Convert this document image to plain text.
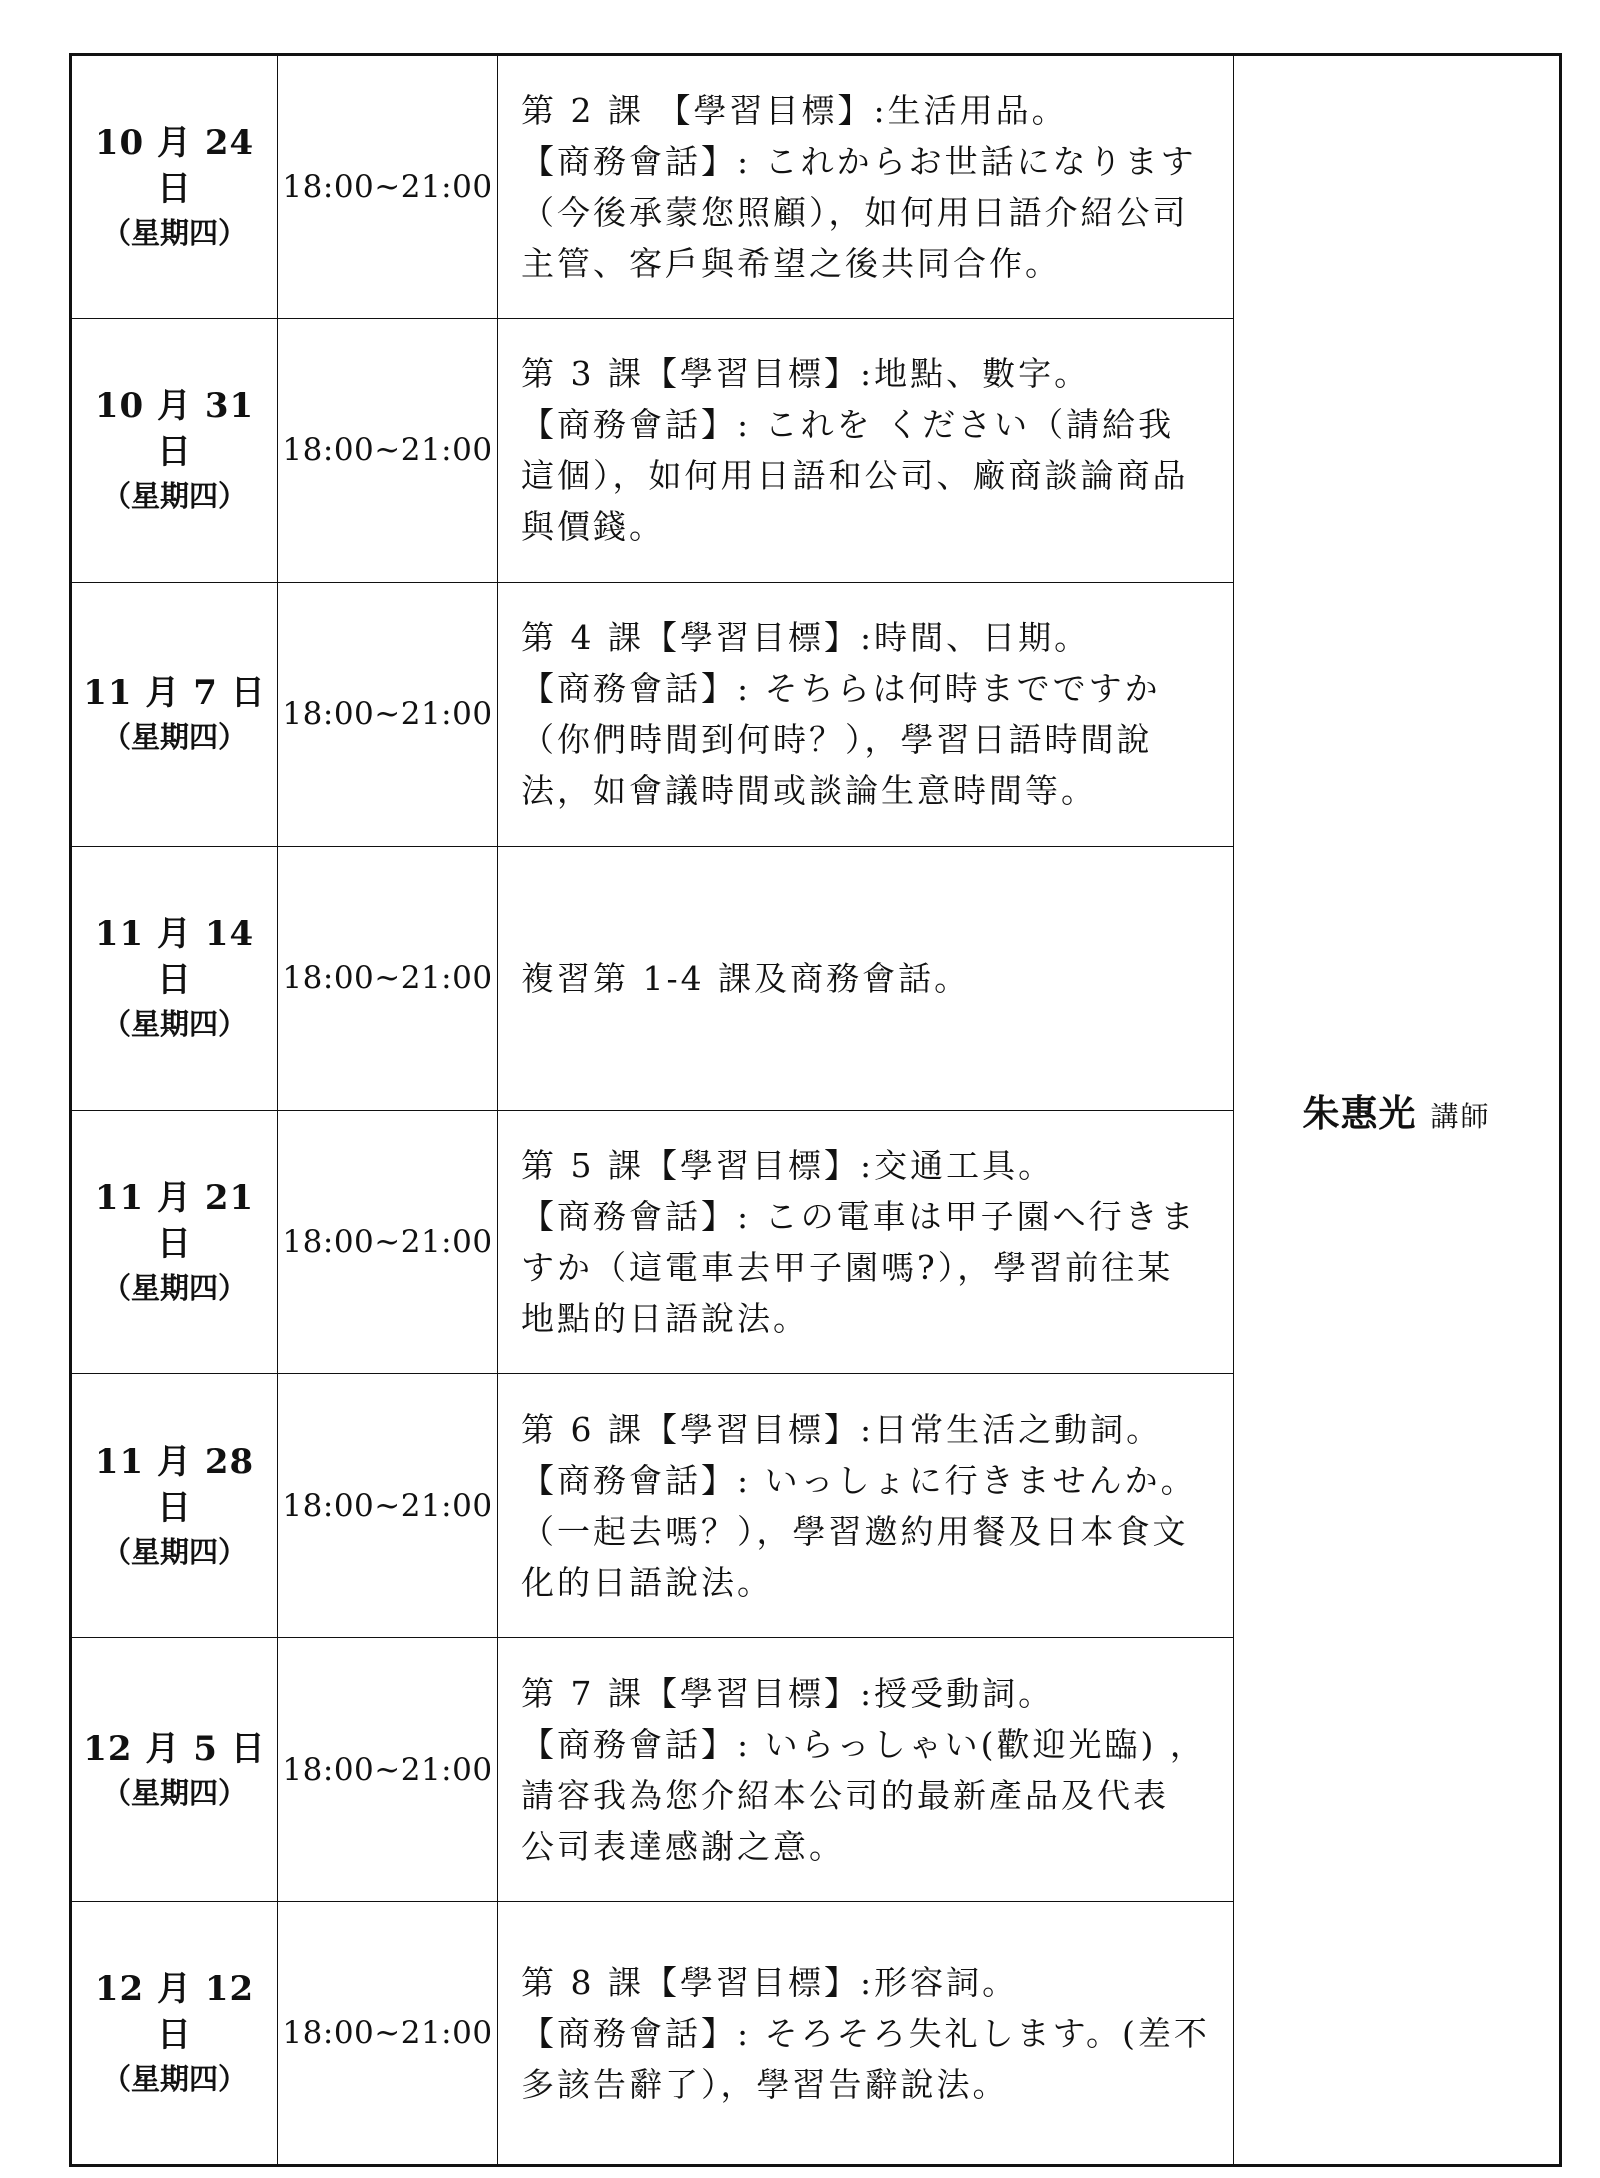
10 月 24 日
（星期四）	18:00~21:00	第 2 課 【學習目標】:生活用品。
【商務會話】: これからお世話になります
（今後承蒙您照顧），如何用日語介紹公司
主管、客戶與希望之後共同合作。	朱惠光 講師

10 月 31 日
（星期四）	18:00~21:00	第 3 課【學習目標】:地點、數字。
【商務會話】: これを ください（請給我
這個），如何用日語和公司、廠商談論商品
與價錢。	

11 月 7 日
（星期四）	18:00~21:00	第 4 課【學習目標】:時間、日期。
【商務會話】: そちらは何時までですか
（你們時間到何時？），學習日語時間說
法，如會議時間或談論生意時間等。	

11 月 14 日
（星期四）	18:00~21:00	複習第 1-4 課及商務會話。	

11 月 21 日
（星期四）	18:00~21:00	第 5 課【學習目標】:交通工具。
【商務會話】: この電車は甲子園へ行きま
すか（這電車去甲子園嗎?），學習前往某
地點的日語說法。	

11 月 28 日
（星期四）	18:00~21:00	第 6 課【學習目標】:日常生活之動詞。
【商務會話】: いっしょに行きませんか。
（一起去嗎？），學習邀約用餐及日本食文
化的日語說法。	

12 月 5 日
（星期四）	18:00~21:00	第 7 課【學習目標】:授受動詞。
【商務會話】: いらっしゃい(歡迎光臨) ，
請容我為您介紹本公司的最新產品及代表
公司表達感謝之意。	

12 月 12 日
（星期四）	18:00~21:00	第 8 課【學習目標】:形容詞。
【商務會話】: そろそろ失礼します。(差不
多該告辭了），學習告辭說法。	
